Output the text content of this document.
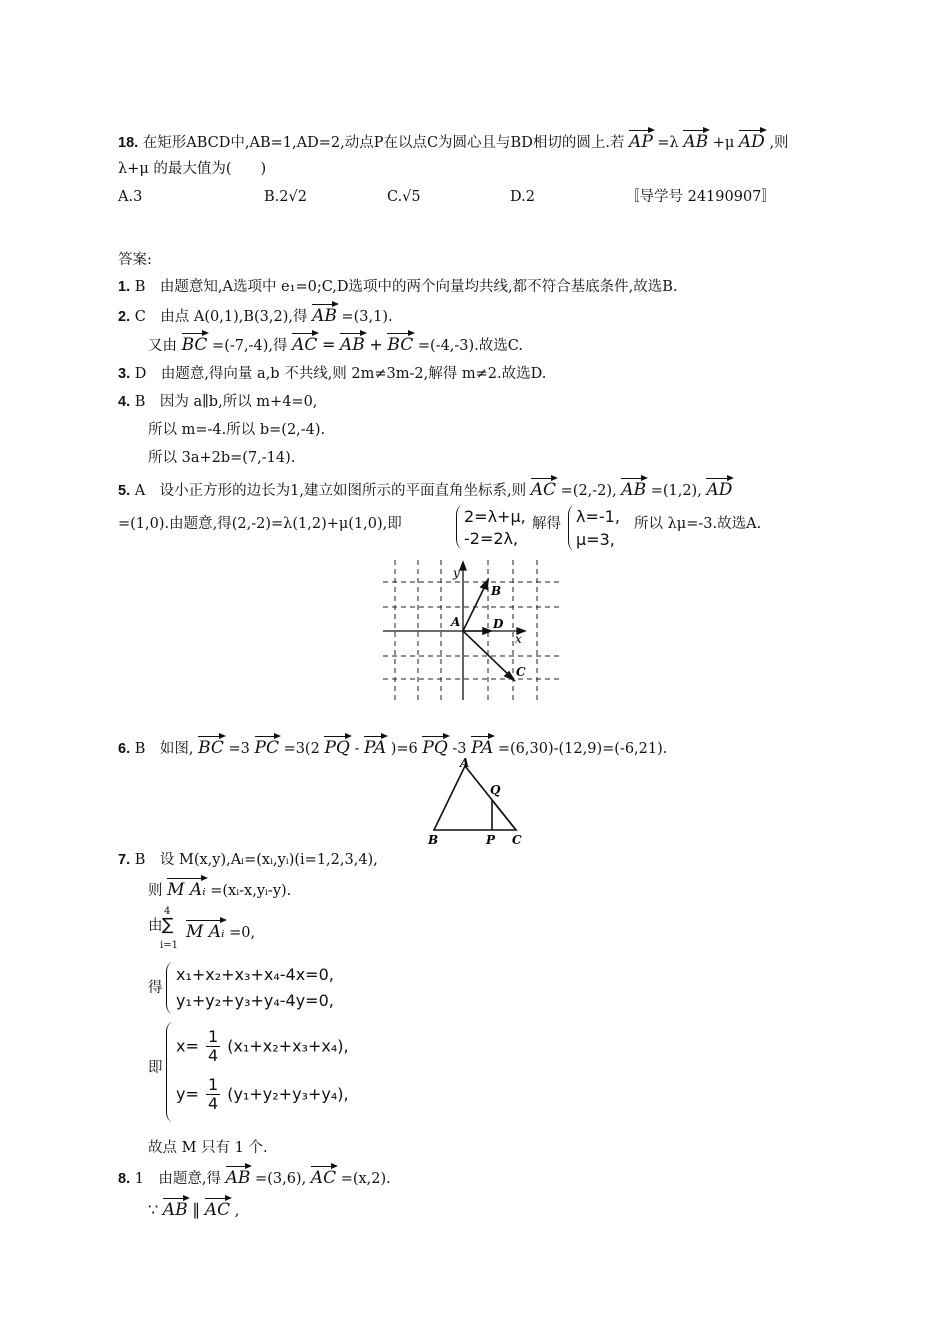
18. 在矩形ABCD中,AB=1,AD=2,动点P在以点C为圆心且与BD相切的圆上.若 AP =λ AB +μ AD ,则
λ+μ 的最大值为(　　)
A.3	B.2√2	C.√5	D.2	〚导学号 24190907〛
答案:
1. B　由题意知,A选项中 e₁=0;C,D选项中的两个向量均共线,都不符合基底条件,故选B.
2. C　由点 A(0,1),B(3,2),得 AB =(3,1).
又由 BC =(-7,-4),得 AC = AB + BC =(-4,-3).故选C.
3. D　由题意,得向量 a,b 不共线,则 2m≠3m-2,解得 m≠2.故选D.
4. B　因为 a∥b,所以 m+4=0,
所以 m=-4.所以 b=(2,-4).
所以 3a+2b=(7,-14).
5. A　设小正方形的边长为1,建立如图所示的平面直角坐标系,则 AC =(2,-2), AB =(1,2), AD
=(1,0).由题意,得(2,-2)=λ(1,2)+μ(1,0),即	2=λ+μ,
-2=2λ,
解得 λ=-1,
μ=3,
所以 λμ=-3.故选A.
y
x
A
B
D
C
6. B　如图, BC =3 PC =3(2 PQ - PA )=6 PQ -3 PA =(6,30)-(12,9)=(-6,21).
A
Q
B	P C
7. B　设 M(x,y),Aᵢ=(xᵢ,yᵢ)(i=1,2,3,4),
则 M Aᵢ =(xᵢ-x,yᵢ-y).
由
4
∑
i=1
M Aᵢ =0,
得
x₁+x₂+x₃+x₄-4x=0,
y₁+y₂+y₃+y₄-4y=0,
即
$x= \frac{1}{4} (x_1+x_2+x_3+x_4)$,
$y= \frac{1}{4} (y_1+y_2+y_3+y_4)$,
故点 M 只有 1 个.
8. 1　由题意,得 AB =(3,6), AC =(x,2).
∵ AB ∥ AC ,
